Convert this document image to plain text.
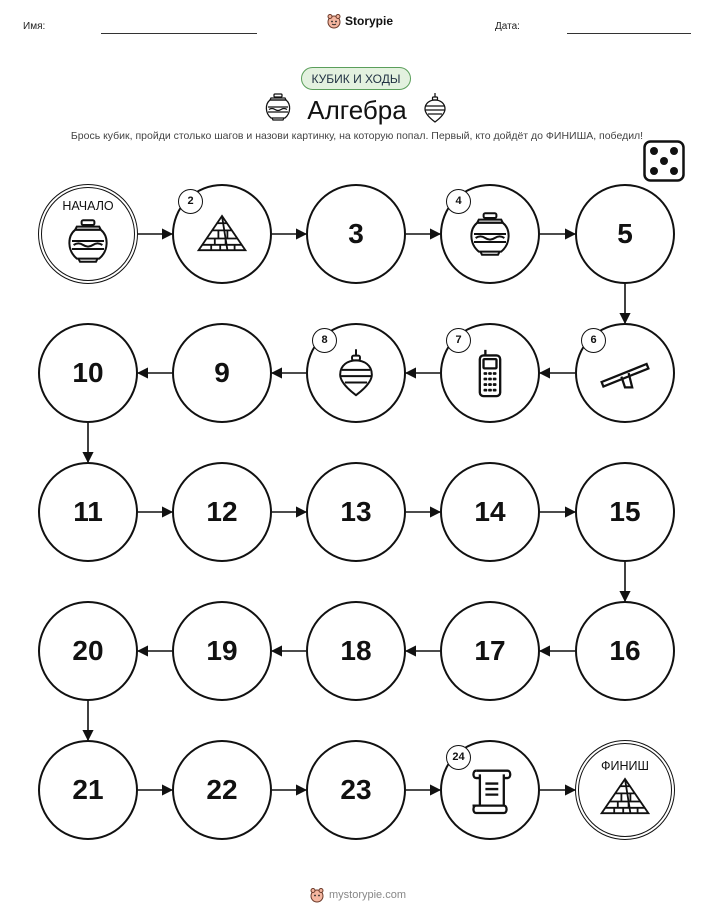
Имя:	Storypie	Дата:
КУБИК И ХОДЫ
Алгебра
Брось кубик, пройди столько шагов и назови картинку, на которую попал. Первый, кто дойдёт до ФИНИША, победил!
НАЧАЛО	2
3
4
5
6
7
8
9
10
11	12	13	14	15
16
17
18
19
20
21	22	23
24
ФИНИШ
mystorypie.com
